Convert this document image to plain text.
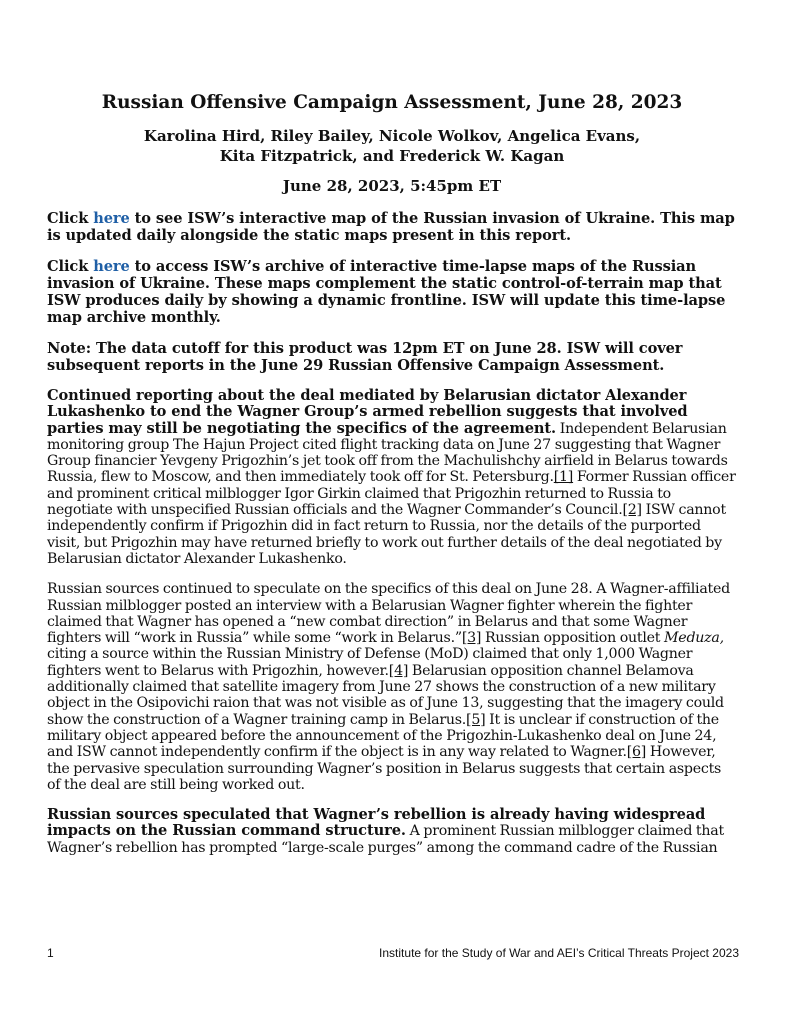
Russian Offensive Campaign Assessment, June 28, 2023
Karolina Hird, Riley Bailey, Nicole Wolkov, Angelica Evans,
Kita Fitzpatrick, and Frederick W. Kagan
June 28, 2023, 5:45pm ET

Click here to see ISW’s interactive map of the Russian invasion of Ukraine. This map is updated daily alongside the static maps present in this report.

Click here to access ISW’s archive of interactive time-lapse maps of the Russian invasion of Ukraine. These maps complement the static control-of-terrain map that ISW produces daily by showing a dynamic frontline. ISW will update this time-lapse map archive monthly.

Note: The data cutoff for this product was 12pm ET on June 28. ISW will cover subsequent reports in the June 29 Russian Offensive Campaign Assessment.

Continued reporting about the deal mediated by Belarusian dictator Alexander Lukashenko to end the Wagner Group’s armed rebellion suggests that involved parties may still be negotiating the specifics of the agreement. Independent Belarusian monitoring group The Hajun Project cited flight tracking data on June 27 suggesting that Wagner Group financier Yevgeny Prigozhin’s jet took off from the Machulishchy airfield in Belarus towards Russia, flew to Moscow, and then immediately took off for St. Petersburg.[1] Former Russian officer and prominent critical milblogger Igor Girkin claimed that Prigozhin returned to Russia to negotiate with unspecified Russian officials and the Wagner Commander’s Council.[2] ISW cannot independently confirm if Prigozhin did in fact return to Russia, nor the details of the purported visit, but Prigozhin may have returned briefly to work out further details of the deal negotiated by Belarusian dictator Alexander Lukashenko.

Russian sources continued to speculate on the specifics of this deal on June 28. A Wagner-affiliated Russian milblogger posted an interview with a Belarusian Wagner fighter wherein the fighter claimed that Wagner has opened a “new combat direction” in Belarus and that some Wagner fighters will “work in Russia” while some “work in Belarus.”[3] Russian opposition outlet Meduza, citing a source within the Russian Ministry of Defense (MoD) claimed that only 1,000 Wagner fighters went to Belarus with Prigozhin, however.[4] Belarusian opposition channel Belamova additionally claimed that satellite imagery from June 27 shows the construction of a new military object in the Osipovichi raion that was not visible as of June 13, suggesting that the imagery could show the construction of a Wagner training camp in Belarus.[5] It is unclear if construction of the military object appeared before the announcement of the Prigozhin-Lukashenko deal on June 24, and ISW cannot independently confirm if the object is in any way related to Wagner.[6] However, the pervasive speculation surrounding Wagner’s position in Belarus suggests that certain aspects of the deal are still being worked out.

Russian sources speculated that Wagner’s rebellion is already having widespread impacts on the Russian command structure. A prominent Russian milblogger claimed that Wagner’s rebellion has prompted “large-scale purges” among the command cadre of the Russian

1	Institute for the Study of War and AEI’s Critical Threats Project 2023
